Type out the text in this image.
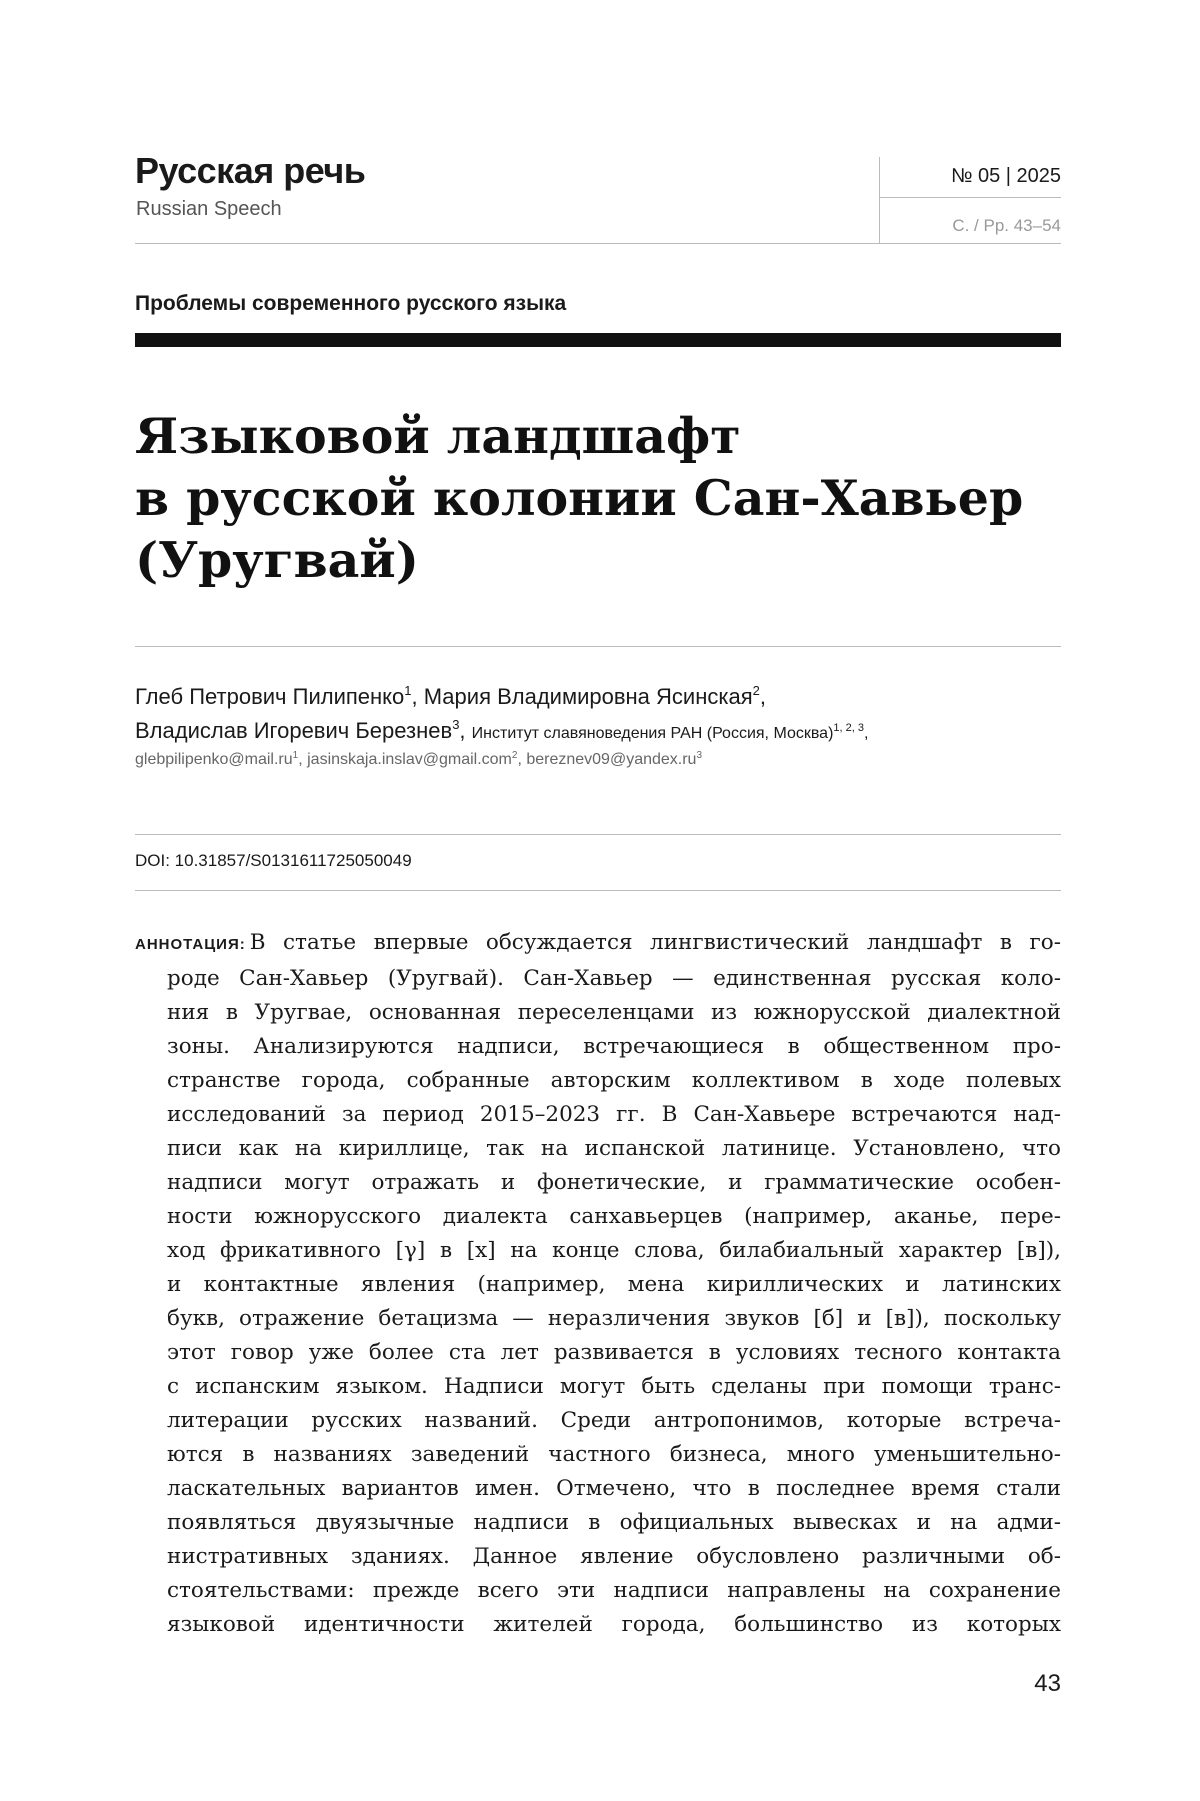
Русская речь
Russian Speech
№ 05 | 2025
С. / Pp. 43–54
Проблемы современного русского языка
Языковой ландшафт
в русской колонии Сан-Хавьер
(Уругвай)
Глеб Петрович Пилипенко$^1$, Мария Владимировна Ясинская$^2$,
Владислав Игоревич Березнев$^3$, Институт славяноведения РАН (Россия, Москва)$^{1, 2, 3}$,
$glebpilipenko@mail.ru^1$, jasinskaja.inslav@gmail.com$^2$, $bereznev09@yandex.ru^3$
DOI: 10.31857/S0131611725050049
АННОТАЦИЯ: В статье впервые обсуждается лингвистический ландшафт в го-
роде Сан-Хавьер (Уругвай). Сан-Хавьер — единственная русская коло-
ния в Уругвае, основанная переселенцами из южнорусской диалектной
зоны. Анализируются надписи, встречающиеся в общественном про-
странстве города, собранные авторским коллективом в ходе полевых
исследований за период 2015–2023 гг. В Сан-Хавьере встречаются над-
писи как на кириллице, так на испанской латинице. Установлено, что
надписи могут отражать и фонетические, и грамматические особен-
ности южнорусского диалекта санхавьерцев (например, аканье, пере-
ход фрикативного [γ] в [х] на конце слова, билабиальный характер [в]),
и контактные явления (например, мена кириллических и латинских
букв, отражение бетацизма — неразличения звуков [б] и [в]), поскольку
этот говор уже более ста лет развивается в условиях тесного контакта
с испанским языком. Надписи могут быть сделаны при помощи транс-
литерации русских названий. Среди антропонимов, которые встреча-
ются в названиях заведений частного бизнеса, много уменьшительно-
ласкательных вариантов имен. Отмечено, что в последнее время стали
появляться двуязычные надписи в официальных вывесках и на адми-
нистративных зданиях. Данное явление обусловлено различными об-
стоятельствами: прежде всего эти надписи направлены на сохранение
языковой идентичности жителей города, большинство из которых
43
